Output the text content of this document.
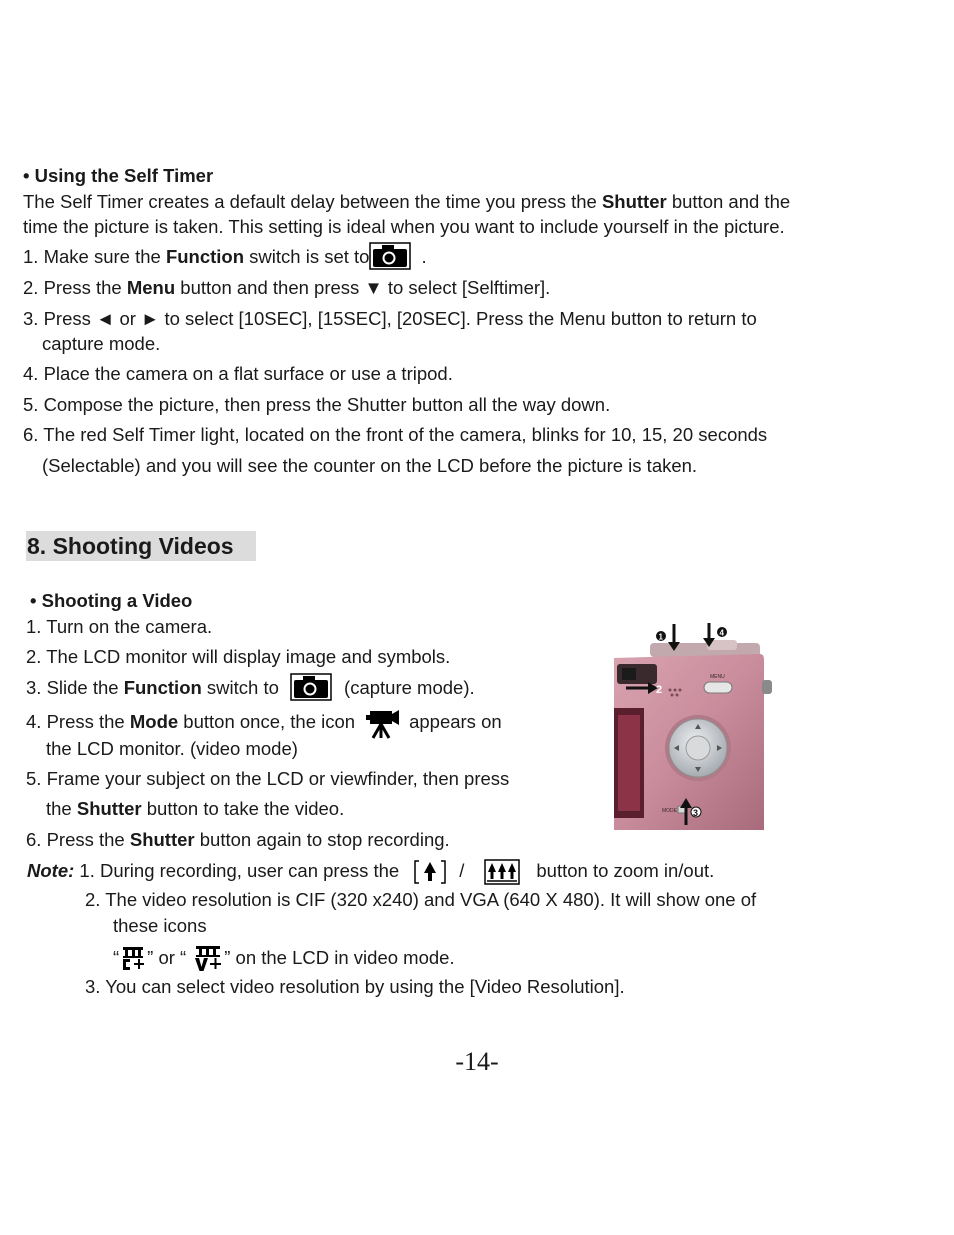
• Using the Self Timer
The Self Timer creates a default delay between the time you press the Shutter button and the
time the picture is taken. This setting is ideal when you want to include yourself in the picture.
1. Make sure the Function switch is set to	.
2. Press the Menu button and then press ▼ to select [Selftimer].
3. Press ◄ or ► to select [10SEC], [15SEC], [20SEC]. Press the Menu button to return to
capture mode.
4. Place the camera on a flat surface or use a tripod.
5. Compose the picture, then press the Shutter button all the way down.
6. The red Self Timer light, located on the front of the camera, blinks for 10, 15, 20 seconds
(Selectable) and you will see the counter on the LCD before the picture is taken.
8. Shooting Videos
• Shooting a Video
1. Turn on the camera.
2. The LCD monitor will display image and symbols.
3. Slide the Function switch to	(capture mode).
4. Press the Mode button once, the icon	appears on
the LCD monitor. (video mode)
5. Frame your subject on the LCD or viewfinder, then press
the Shutter button to take the video.
6. Press the Shutter button again to stop recording.
Note: 1. During recording, user can press the	/	button to zoom in/out.
2. The video resolution is CIF (320 x240) and VGA (640 X 480). It will show one of
these icons
“ ” or “ ” on the LCD in video mode.
3. You can select video resolution by using the [Video Resolution].
2
MENU
MODE 3
1	4
-14-
